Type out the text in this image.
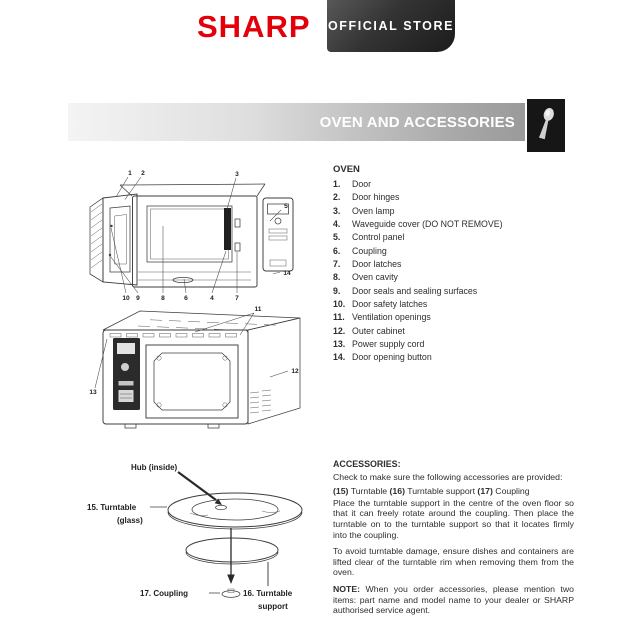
SHARP OFFICIAL STORE
OVEN AND ACCESSORIES
OVEN
1.	Door
2.	Door hinges
3.	Oven lamp
4.	Waveguide cover (DO NOT REMOVE)
5.	Control panel
6.	Coupling
7.	Door latches
8.	Oven cavity
9.	Door seals and sealing surfaces
10. Door safety latches
11. Ventilation openings
12. Outer cabinet
13. Power supply cord
14. Door opening button
ACCESSORIES:

Check to make sure the following accessories are provided:

(15) Turntable (16) Turntable support (17) Coupling

Place the turntable support in the centre of the oven floor so that it can freely rotate around the coupling. Then place the turntable on to the turntable support so that it locates firmly into the coupling.

To avoid turntable damage, ensure dishes and containers are lifted clear of the turntable rim when removing them from the oven.

NOTE: When you order accessories, please mention two items: part name and model name to your dealer or SHARP authorised service agent.

1 2	3
5
14
10 9	8	6	4	7
11
12
13
Hub (inside)
15. Turntable
(glass)
17. Coupling	16. Turntable
support
